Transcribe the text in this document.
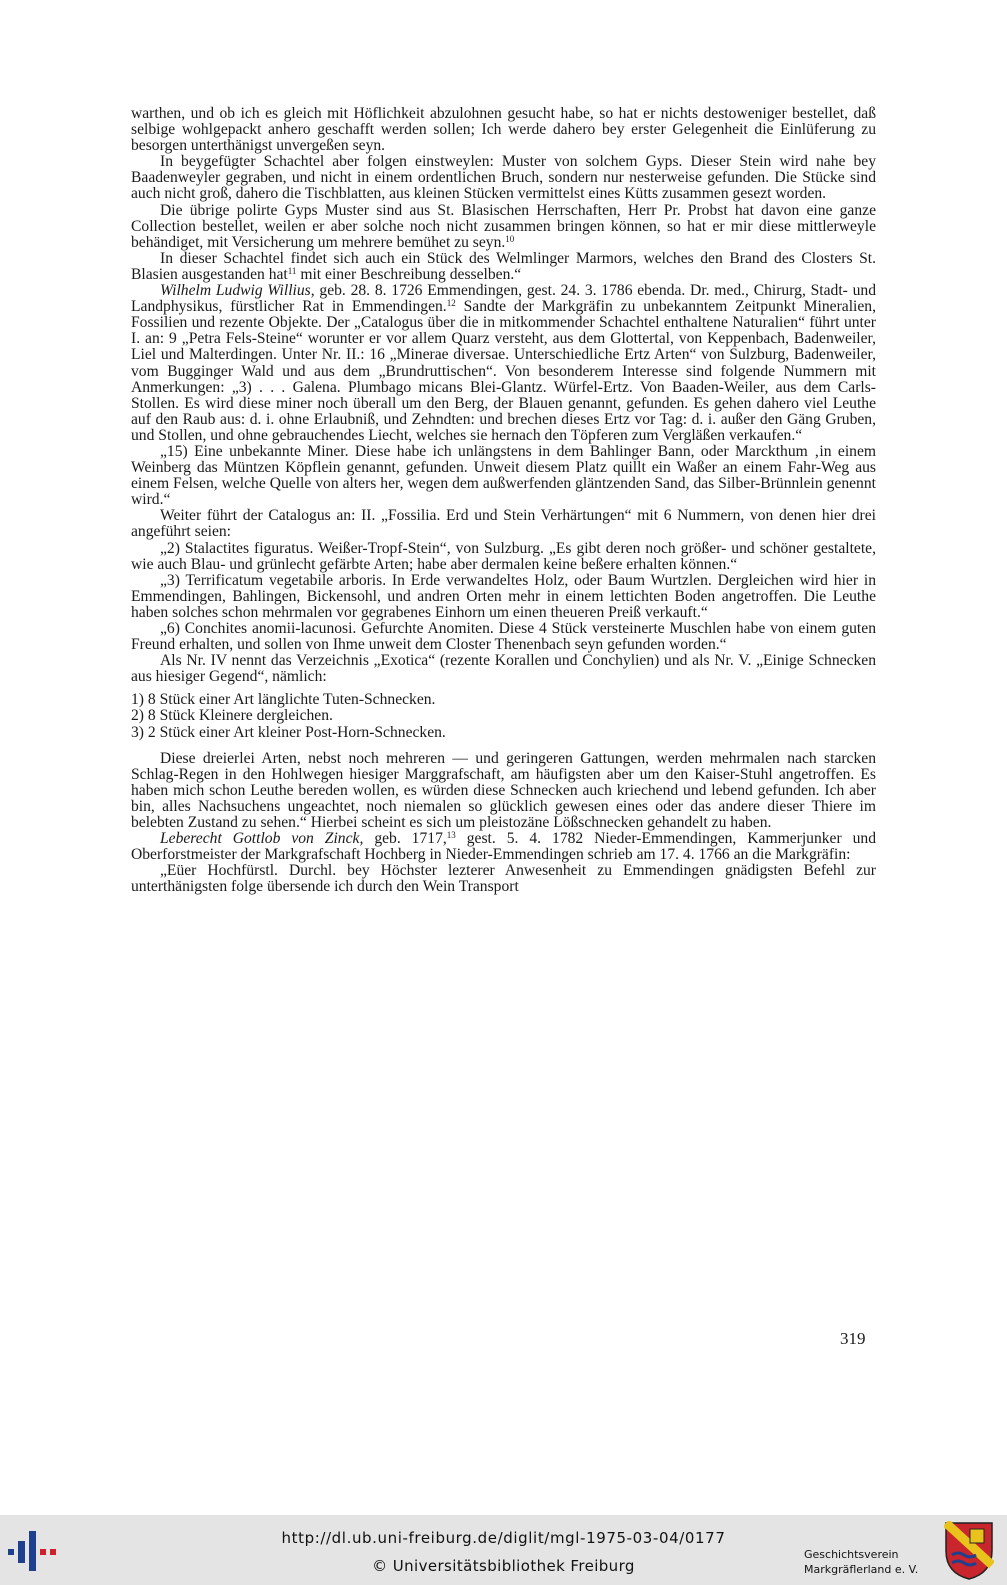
warthen, und ob ich es gleich mit Höflichkeit abzulohnen gesucht habe, so hat er nichts destoweniger bestellet, daß selbige wohlgepackt anhero geschafft werden sollen; Ich werde dahero bey erster Gelegenheit die Einlüferung zu besorgen unterthänigst unvergeßen seyn.

In beygefügter Schachtel aber folgen einstweylen: Muster von solchem Gyps. Dieser Stein wird nahe bey Baadenweyler gegraben, und nicht in einem ordentlichen Bruch, sondern nur nesterweise gefunden. Die Stücke sind auch nicht groß, dahero die Tischblatten, aus kleinen Stücken vermittelst eines Kütts zusammen gesezt worden.

Die übrige polirte Gyps Muster sind aus St. Blasischen Herrschaften, Herr Pr. Probst hat davon eine ganze Collection bestellet, weilen er aber solche noch nicht zusammen bringen können, so hat er mir diese mittlerweyle behändiget, mit Versicherung um mehrere bemühet zu seyn.$^{10}$

In dieser Schachtel findet sich auch ein Stück des Welmlinger Marmors, welches den Brand des Closters St. Blasien ausgestanden hat$^{11}$ mit einer Beschreibung desselben.“

Wilhelm Ludwig Willius, geb. 28. 8. 1726 Emmendingen, gest. 24. 3. 1786 ebenda. Dr. med., Chirurg, Stadt- und Landphysikus, fürstlicher Rat in Emmendingen.$^{12}$ Sandte der Markgräfin zu unbekanntem Zeitpunkt Mineralien, Fossilien und rezente Objekte. Der „Catalogus über die in mitkommender Schachtel enthaltene Naturalien“ führt unter I. an: 9 „Petra Fels-Steine“ worunter er vor allem Quarz versteht, aus dem Glottertal, von Keppenbach, Badenweiler, Liel und Malterdingen. Unter Nr. II.: 16 „Minerae diversae. Unterschiedliche Ertz Arten“ von Sulzburg, Badenweiler, vom Bugginger Wald und aus dem „Brundruttischen“. Von besonderem Interesse sind folgende Nummern mit Anmerkungen: „3) . . . Galena. Plumbago micans Blei-Glantz. Würfel-Ertz. Von Baaden-Weiler, aus dem Carls-Stollen. Es wird diese miner noch überall um den Berg, der Blauen genannt, gefunden. Es gehen dahero viel Leuthe auf den Raub aus: d. i. ohne Erlaubniß, und Zehndten: und brechen dieses Ertz vor Tag: d. i. außer den Gäng Gruben, und Stollen, und ohne gebrauchendes Liecht, welches sie hernach den Töpferen zum Vergläßen verkaufen.“

„15) Eine unbekannte Miner. Diese habe ich unlängstens in dem Bahlinger Bann, oder Marckthum ‚in einem Weinberg das Müntzen Köpflein genannt, gefunden. Unweit diesem Platz quillt ein Waßer an einem Fahr-Weg aus einem Felsen, welche Quelle von alters her, wegen dem außwerfenden gläntzenden Sand, das Silber-Brünnlein genennt wird.“

Weiter führt der Catalogus an: II. „Fossilia. Erd und Stein Verhärtungen“ mit 6 Nummern, von denen hier drei angeführt seien:

„2) Stalactites figuratus. Weißer-Tropf-Stein“, von Sulzburg. „Es gibt deren noch größer- und schöner gestaltete, wie auch Blau- und grünlecht gefärbte Arten; habe aber dermalen keine beßere erhalten können.“

„3) Terrificatum vegetabile arboris. In Erde verwandeltes Holz, oder Baum Wurtzlen. Dergleichen wird hier in Emmendingen, Bahlingen, Bickensohl, und andren Orten mehr in einem lettichten Boden angetroffen. Die Leuthe haben solches schon mehrmalen vor gegrabenes Einhorn um einen theueren Preiß verkauft.“

„6) Conchites anomii-lacunosi. Gefurchte Anomiten. Diese 4 Stück versteinerte Muschlen habe von einem guten Freund erhalten, und sollen von Ihme unweit dem Closter Thenenbach seyn gefunden worden.“

Als Nr. IV nennt das Verzeichnis „Exotica“ (rezente Korallen und Conchylien) und als Nr. V. „Einige Schnecken aus hiesiger Gegend“, nämlich:

1) 8 Stück einer Art länglichte Tuten-Schnecken.
2) 8 Stück Kleinere dergleichen.
3) 2 Stück einer Art kleiner Post-Horn-Schnecken.

Diese dreierlei Arten, nebst noch mehreren — und geringeren Gattungen, werden mehrmalen nach starcken Schlag-Regen in den Hohlwegen hiesiger Marggrafschaft, am häufigsten aber um den Kaiser-Stuhl angetroffen. Es haben mich schon Leuthe bereden wollen, es würden diese Schnecken auch kriechend und lebend gefunden. Ich aber bin, alles Nachsuchens ungeachtet, noch niemalen so glücklich gewesen eines oder das andere dieser Thiere im belebten Zustand zu sehen.“ Hierbei scheint es sich um pleistozäne Lößschnecken gehandelt zu haben.

Leberecht Gottlob von Zinck, geb. 1717,13 gest. 5. 4. 1782 Nieder-Emmendingen, Kammerjunker und Oberforstmeister der Markgrafschaft Hochberg in Nieder-Emmendingen schrieb am 17. 4. 1766 an die Markgräfin:

„Eüer Hochfürstl. Durchl. bey Höchster lezterer Anwesenheit zu Emmendingen gnädigsten Befehl zur unterthänigsten folge übersende ich durch den Wein Transport

319
http://dl.ub.uni-freiburg.de/diglit/mgl-1975-03-04/0177
© Universitätsbibliothek Freiburg
Geschichtsverein
Markgräflerland e. V.
